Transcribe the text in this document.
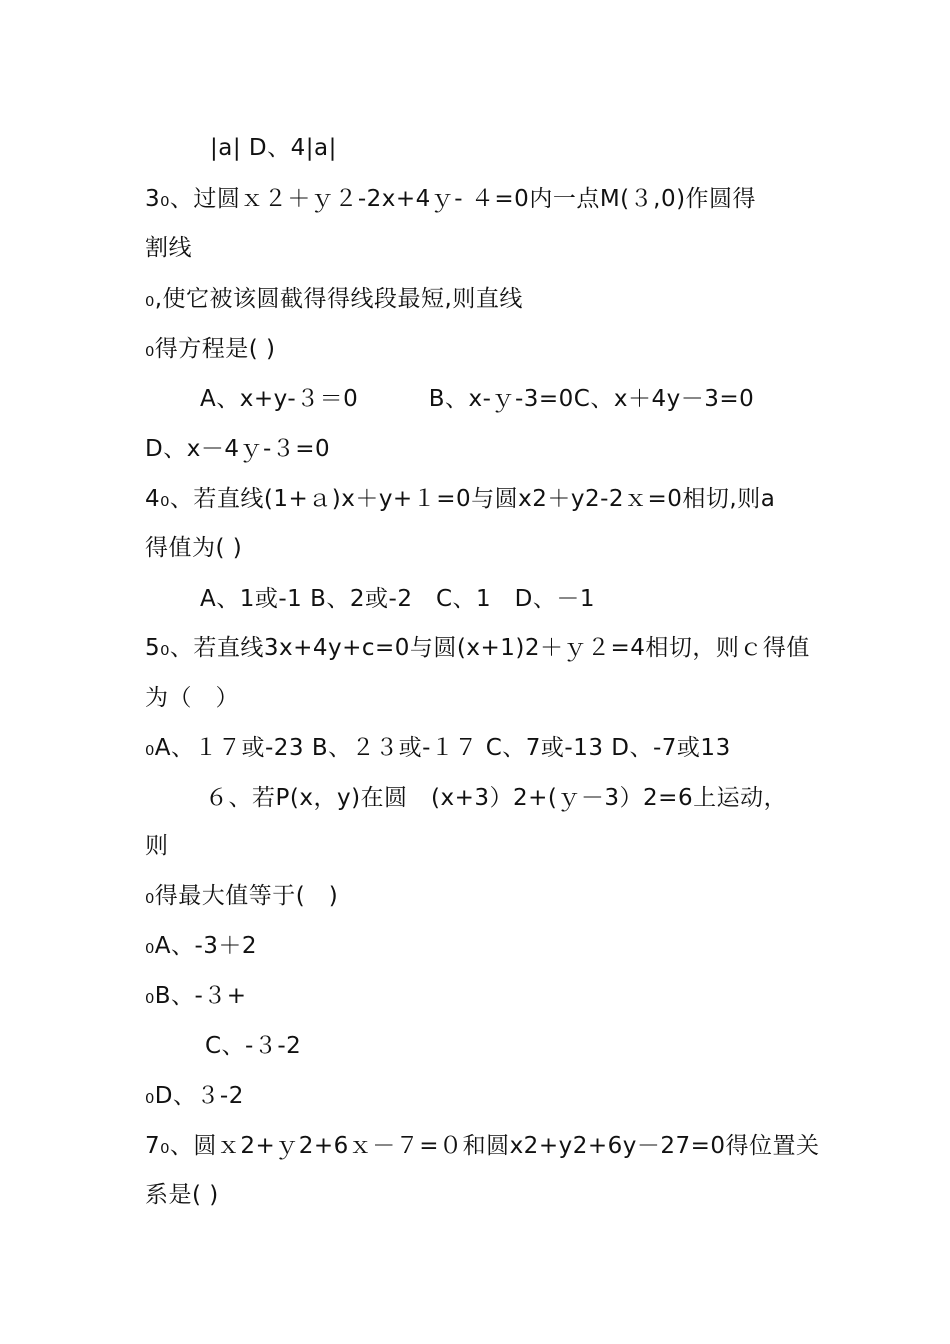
|a| D、4|a|
3₀、过圆ｘ２＋ｙ２-2x+4ｙ- ４=0内一点M(３,0)作圆得
割线
₀,使它被该圆截得得线段最短,则直线
₀得方程是( )
A、x+y-３＝0　　　B、x-ｙ-3=0C、x＋4y－3=0
D、x－4ｙ-３=0
4₀、若直线(1+ａ)x＋y+１=0与圆x2＋y2-2ｘ=0相切,则a
得值为( )
A、1或-1 B、2或-2　C、1　D、－1
5₀、若直线3x+4y+c=0与圆(x+1)2＋ｙ２=4相切，则ｃ得值
为（　）
₀A、１７或-23 B、２３或-１７ C、7或-13 D、-7或13
６、若P(x，y)在圆　(x+3）2+(ｙ－3）2=6上运动，
则
₀得最大值等于(　)
₀A、-3＋2
₀B、-３+
C、-３-2
₀D、３-2
7₀、圆ｘ2+ｙ2+6ｘ－７=０和圆x2+y2+6y－27=0得位置关
系是( )
